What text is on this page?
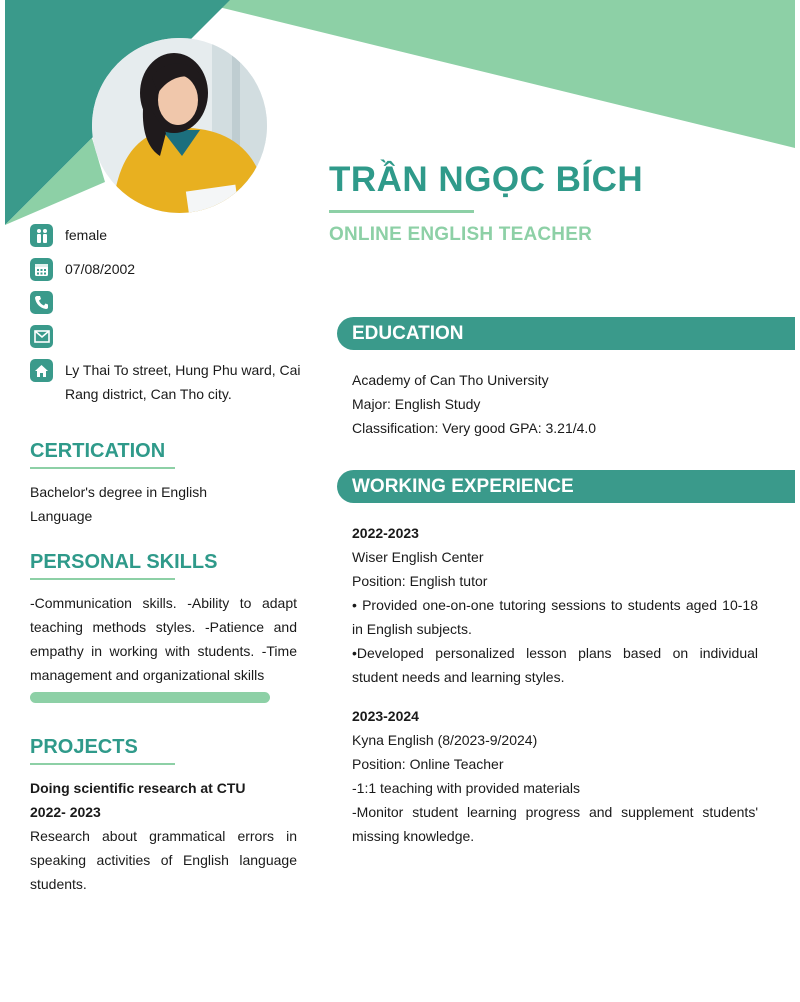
TRẦN NGỌC BÍCH
ONLINE ENGLISH TEACHER
female
07/08/2002
Ly Thai To street, Hung Phu ward, Cai Rang district, Can Tho city.
CERTICATION

Bachelor's degree in English Language

PERSONAL SKILLS

-Communication skills. -Ability to adapt teaching methods styles. -Patience and empathy in working with students. -Time management and organizational skills

PROJECTS
Doing scientific research at CTU
2022- 2023

Research about grammatical errors in speaking activities of English language students.

EDUCATION

Academy of Can Tho University

Major: English Study

Classification: Very good GPA: 3.21/4.0

WORKING EXPERIENCE

2022-2023

Wiser English Center

Position: English tutor

• Provided one-on-one tutoring sessions to students aged 10-18 in English subjects.

•Developed personalized lesson plans based on individual student needs and learning styles.

2023-2024

Kyna English (8/2023-9/2024)

Position: Online Teacher

-1:1 teaching with provided materials

-Monitor student learning progress and supplement students' missing knowledge.
